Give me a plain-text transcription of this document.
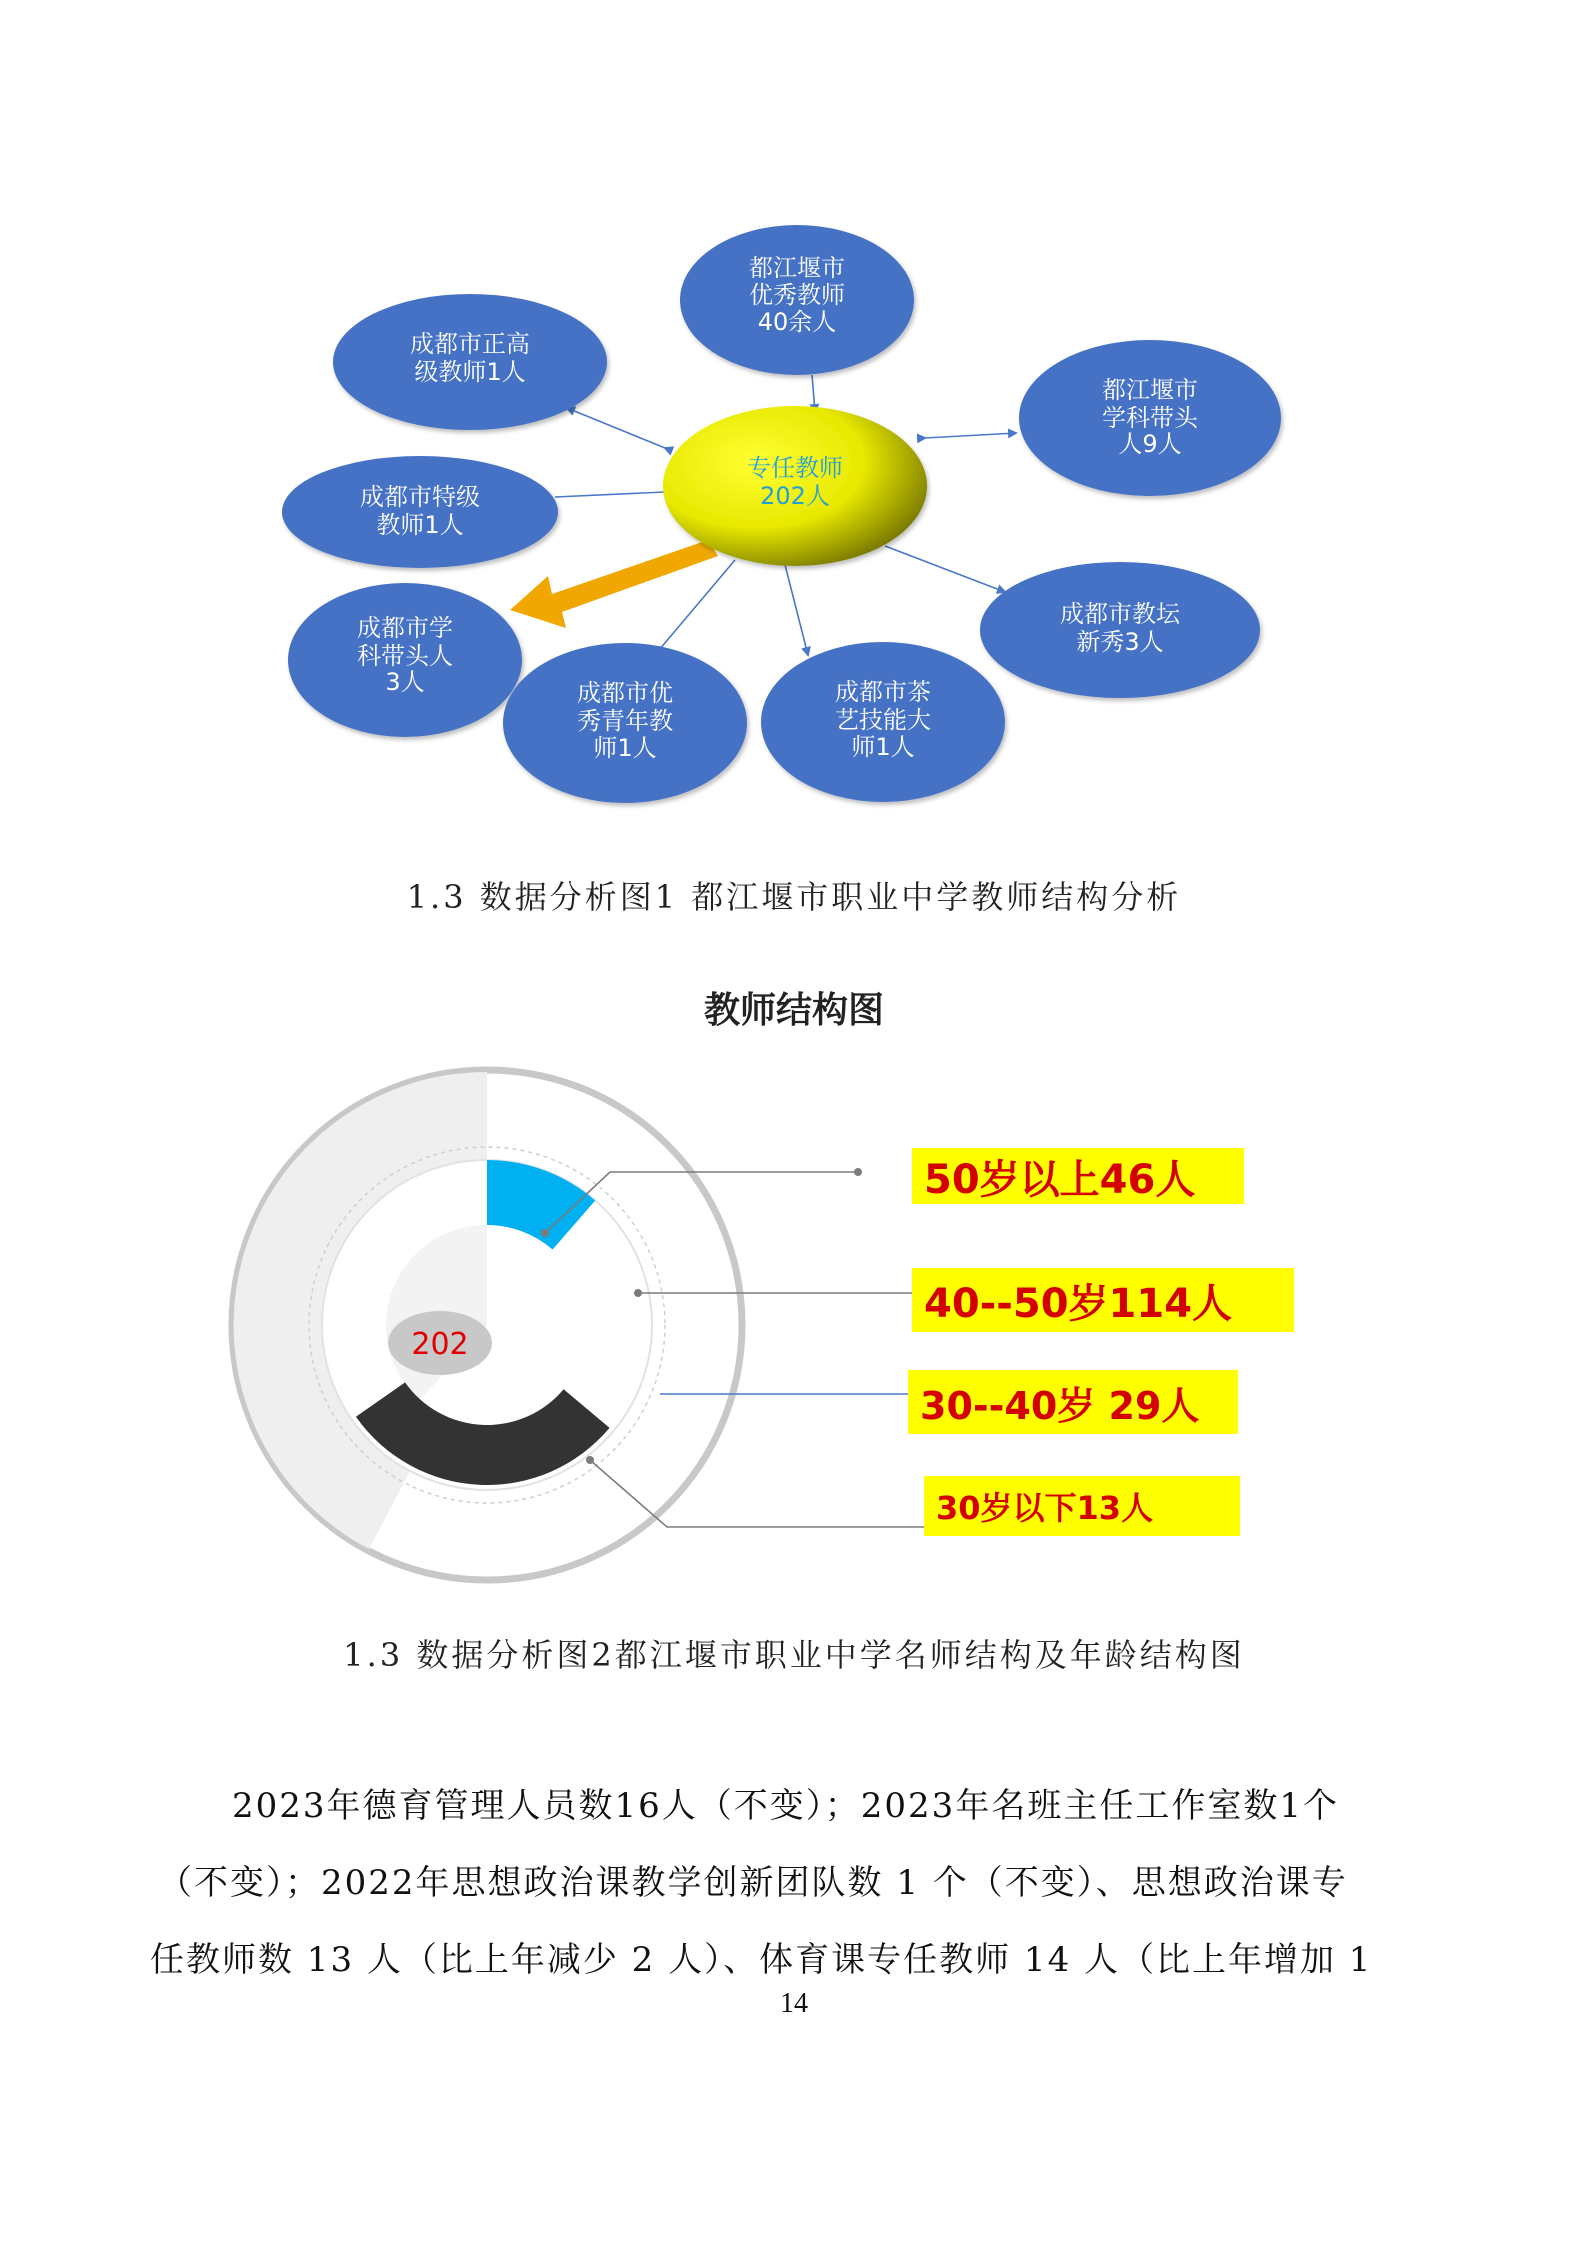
都江堰市
优秀教师
40余人
成都市正高
级教师1人
都江堰市
学科带头
人9人
成都市特级
教师1人
成都市教坛
新秀3人
成都市学
科带头人
3人	成都市优
秀青年教
师1人
成都市茶
艺技能大
师1人
专任教师
202人
1.3 数据分析图1 都江堰市职业中学教师结构分析
教师结构图
202
50岁以上46人
40--50岁114人
30--40岁 29人
30岁以下13人
1.3 数据分析图2都江堰市职业中学名师结构及年龄结构图
2023年德育管理人员数16人（不变）；2023年名班主任工作室数1个
（不变）；2022年思想政治课教学创新团队数 1 个（不变）、思想政治课专
任教师数 13 人（比上年减少 2 人）、体育课专任教师 14 人（比上年增加 1
14
